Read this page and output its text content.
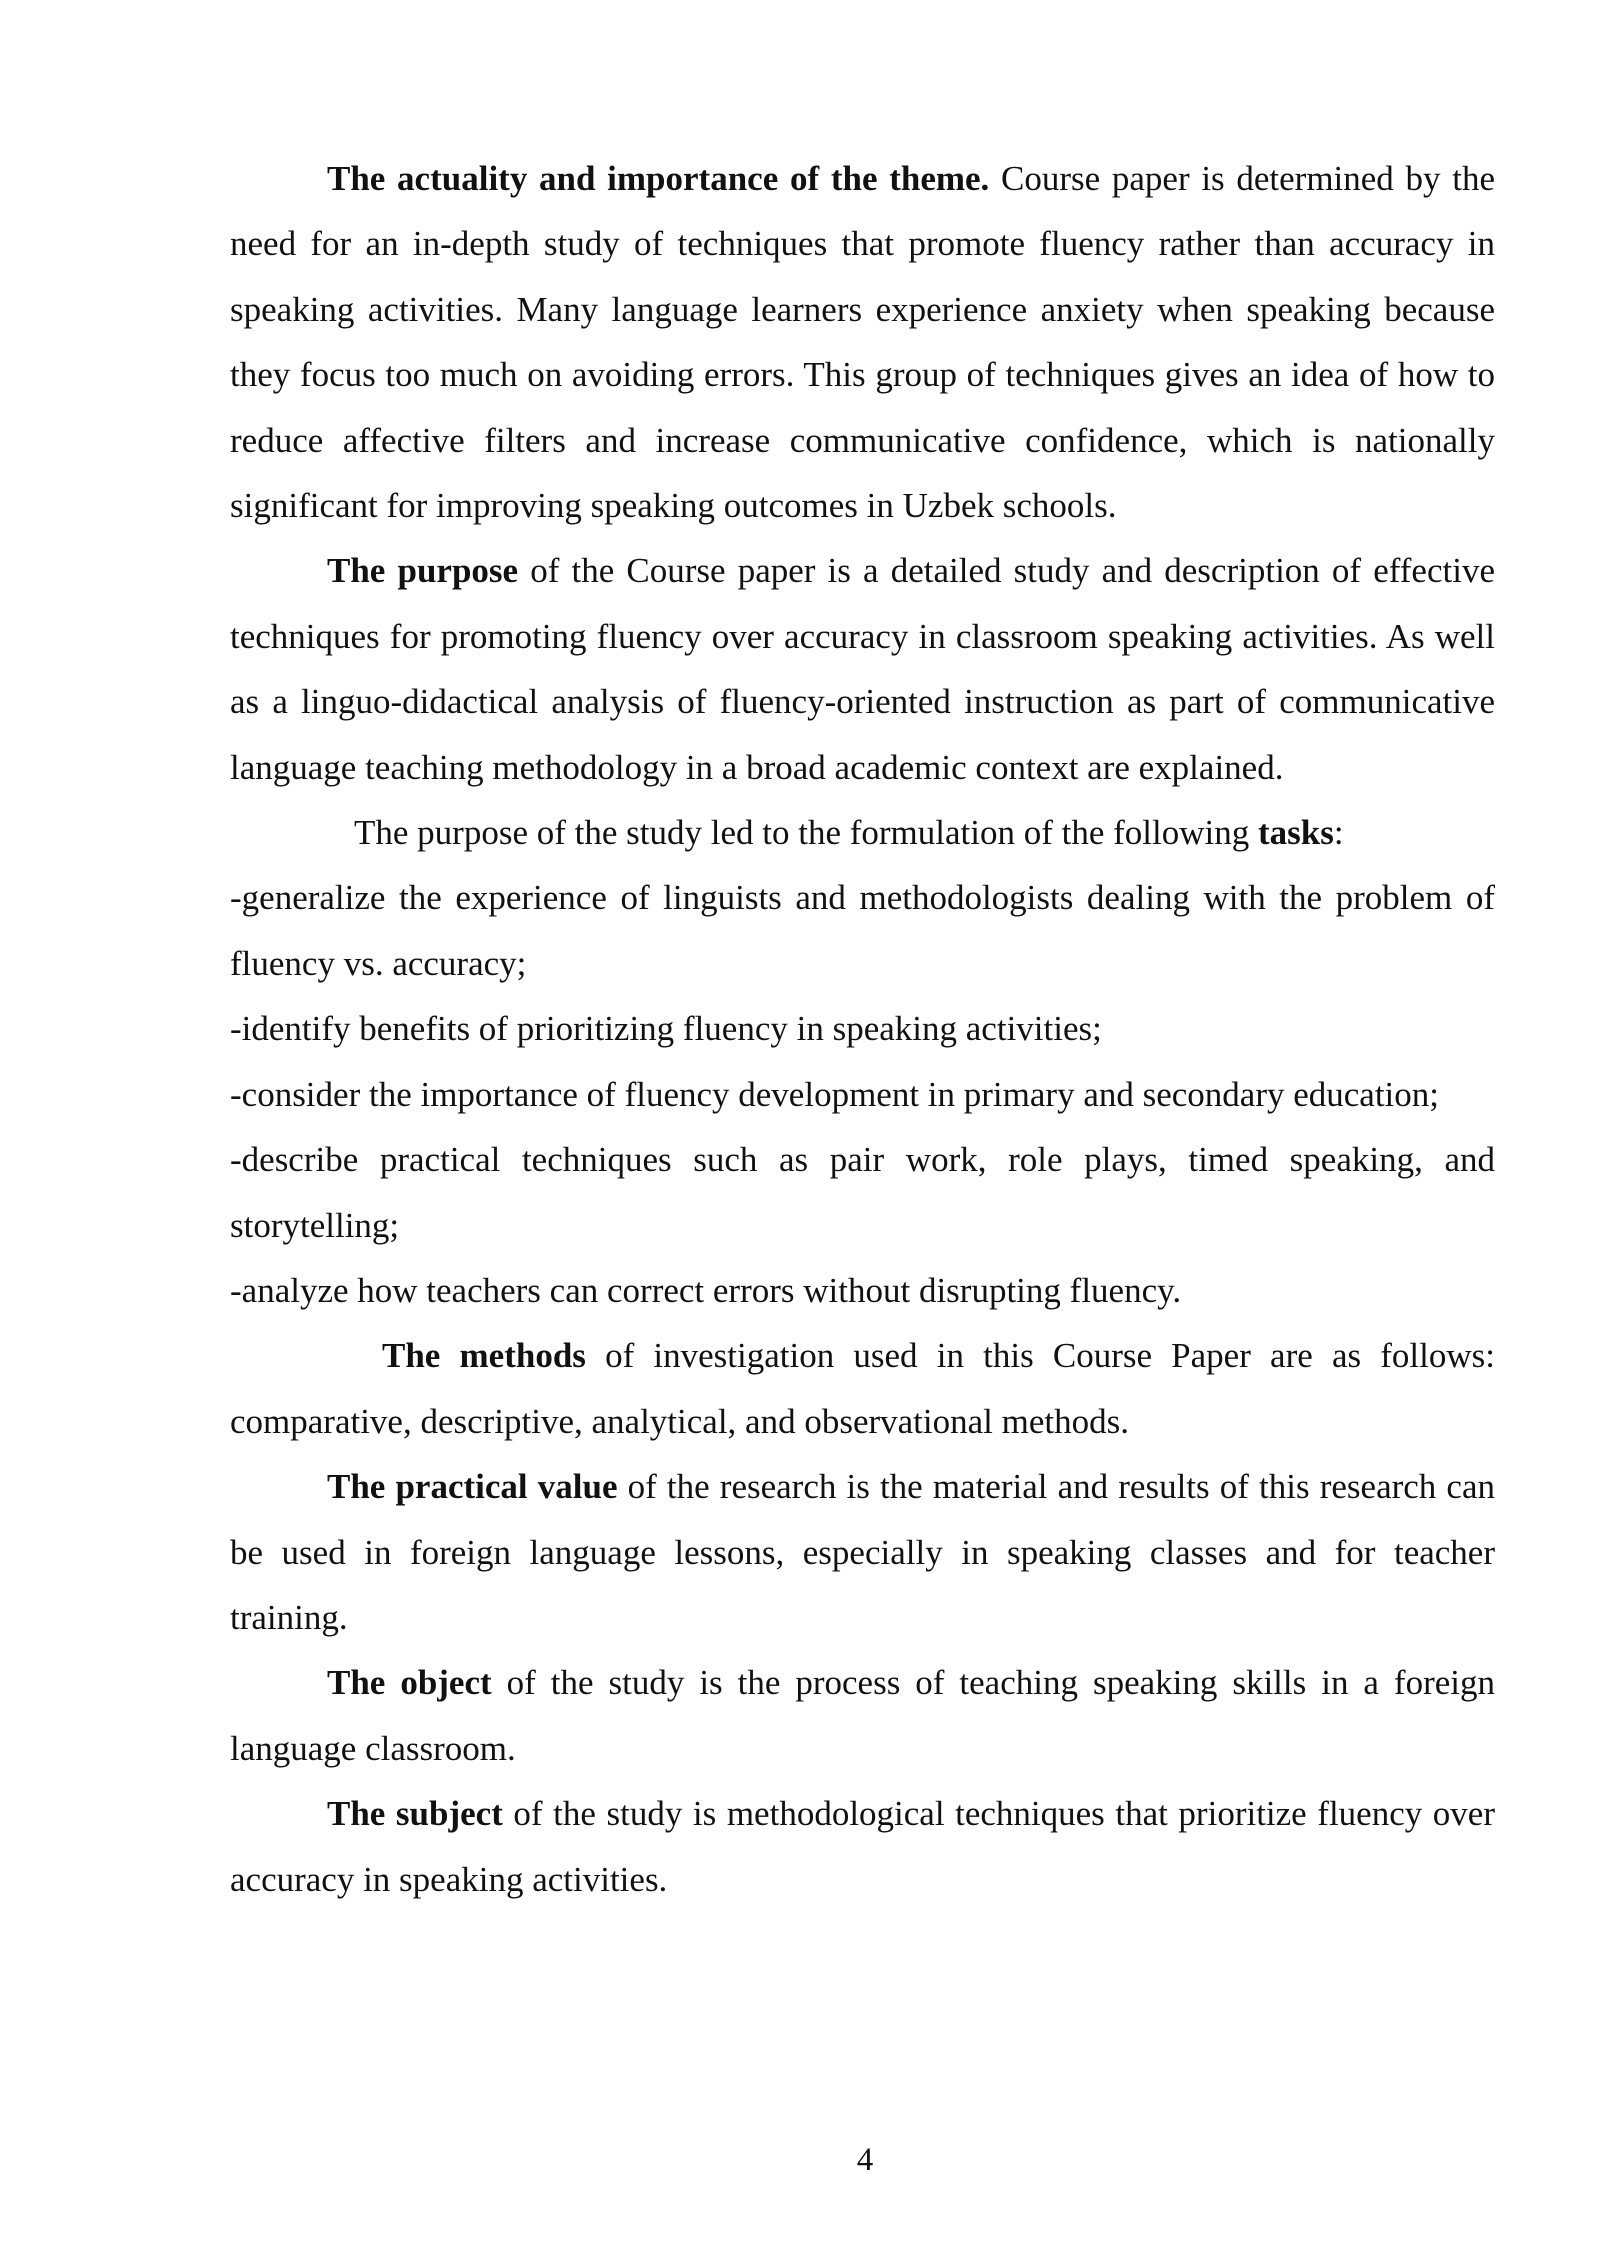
The actuality and importance of the theme. Course paper is determined by the need for an in-depth study of techniques that promote fluency rather than accuracy in speaking activities. Many language learners experience anxiety when speaking because they focus too much on avoiding errors. This group of techniques gives an idea of how to reduce affective filters and increase communicative confidence, which is nationally significant for improving speaking outcomes in Uzbek schools.

The purpose of the Course paper is a detailed study and description of effective techniques for promoting fluency over accuracy in classroom speaking activities. As well as a linguo-didactical analysis of fluency-oriented instruction as part of communicative language teaching methodology in a broad academic context are explained.

The purpose of the study led to the formulation of the following tasks:

-generalize the experience of linguists and methodologists dealing with the problem of fluency vs. accuracy;

-identify benefits of prioritizing fluency in speaking activities;

-consider the importance of fluency development in primary and secondary education;

-describe practical techniques such as pair work, role plays, timed speaking, and storytelling;

-analyze how teachers can correct errors without disrupting fluency.

The methods of investigation used in this Course Paper are as follows: comparative, descriptive, analytical, and observational methods.

The practical value of the research is the material and results of this research can be used in foreign language lessons, especially in speaking classes and for teacher training.

The object of the study is the process of teaching speaking skills in a foreign language classroom.

The subject of the study is methodological techniques that prioritize fluency over accuracy in speaking activities.

4
